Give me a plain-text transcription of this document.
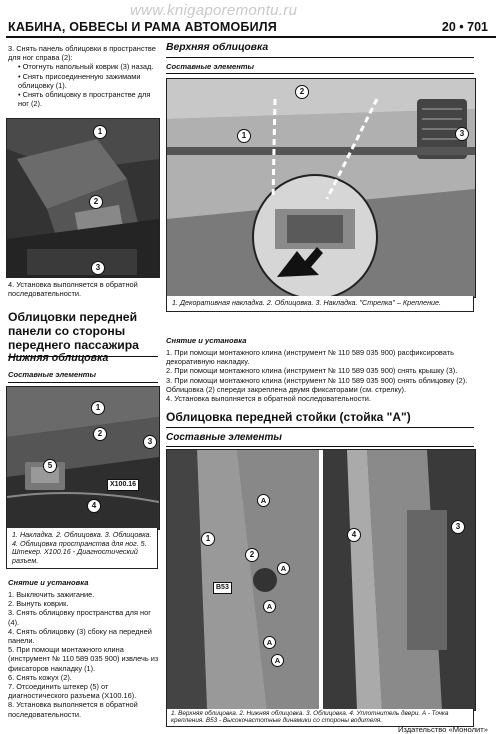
www.knigaporemontu.ru
КАБИНА, ОБВЕСЫ И РАМА АВТОМОБИЛЯ	20 • 701

3. Снять панель облицовки в пространстве для ног справа (2):

• Отогнуть напольный коврик (3) назад.

• Снять присоединенную зажимами облицовку (1).

• Снять облицовку в пространстве для ног (2).

1
2
3
4. Установка выполняется в обратной последовательности.
Облицовки передней панели со стороны переднего пассажира
Нижняя облицовка
Составные элементы
1
2
3
5
X100.16
4
1. Накладка. 2. Облицовка. 3. Облицовка. 4. Облицовка пространства для ног. 5. Штекер. X100.16 - Диагностический разъем.
Снятие и установка

1. Выключить зажигание.

2. Вынуть коврик.

3. Снять облицовку пространства для ног (4).

4. Снять облицовку (3) сбоку на передней панели.

5. При помощи монтажного клина (инструмент № 110 589 035 900) извлечь из фиксаторов накладку (1).

6. Снять кожух (2).

7. Отсоединить штекер (5) от диагностического разъема (X100.16).

8. Установка выполняется в обратной последовательности.

Верхняя облицовка
Составные элементы
1
2
3
1. Декоративная накладка. 2. Облицовка. 3. Накладка. "Стрелка" – Крепление.
Снятие и установка

1. При помощи монтажного клина (инструмент № 110 589 035 900) расфиксировать декоративную накладку.

2. При помощи монтажного клина (инструмент № 110 589 035 900) снять крышку (3).

3. При помощи монтажного клина (инструмент № 110 589 035 900) снять облицовку (2). Облицовка (2) спереди закреплена двумя фиксаторами (см. стрелку).

4. Установка выполняется в обратной последовательности.

Облицовка передней стойки (стойка "A")
Составные элементы
1
2
3
4
A
A
A
A
A
B53
1. Верхняя облицовка. 2. Нижняя облицовка. 3. Облицовка. 4. Уплотнитель двери. A - Точка крепления. B53 - Высокочастотные динамики со стороны водителя.
Издательство «Монолит»
